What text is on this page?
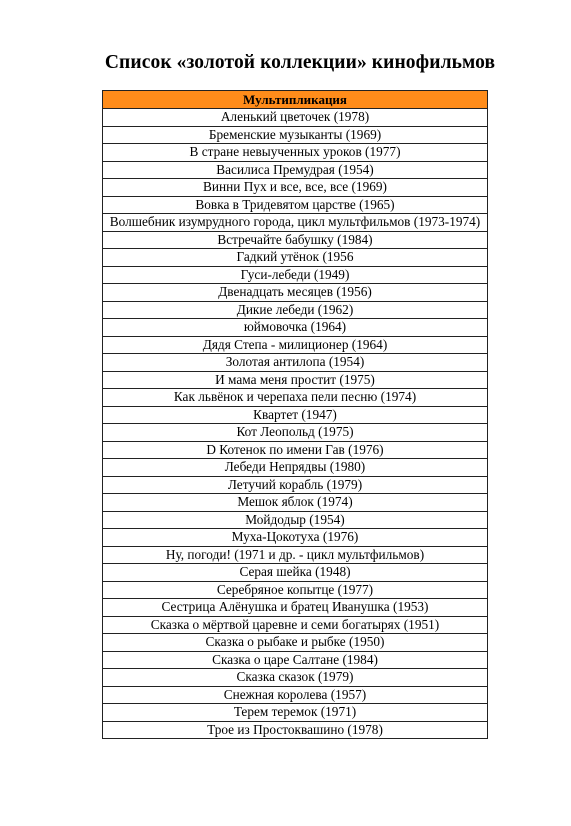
Список «золотой коллекции» кинофильмов
Мультипликация
Аленький цветочек (1978)
Бременские музыканты (1969)
В стране невыученных уроков (1977)
Василиса Премудрая (1954)
Винни Пух и все, все, все (1969)
Вовка в Тридевятом царстве (1965)
Волшебник изумрудного города, цикл мультфильмов (1973-1974)
Встречайте бабушку (1984)
Гадкий утёнок (1956
Гуси-лебеди (1949)
Двенадцать месяцев (1956)
Дикие лебеди (1962)
юймовочка (1964)
Дядя Степа - милиционер (1964)
Золотая антилопа (1954)
И мама меня простит (1975)
Как львёнок и черепаха пели песню (1974)
Квартет (1947)
Кот Леопольд (1975)
D Котенок по имени Гав (1976)
Лебеди Непрядвы (1980)
Летучий корабль (1979)
Мешок яблок (1974)
Мойдодыр (1954)
Муха-Цокотуха (1976)
Ну, погоди! (1971 и др. - цикл мультфильмов)
Серая шейка (1948)
Серебряное копытце (1977)
Сестрица Алёнушка и братец Иванушка (1953)
Сказка о мёртвой царевне и семи богатырях (1951)
Сказка о рыбаке и рыбке (1950)
Сказка о царе Салтане (1984)
Сказка сказок (1979)
Снежная королева (1957)
Терем теремок (1971)
Трое из Простоквашино (1978)
